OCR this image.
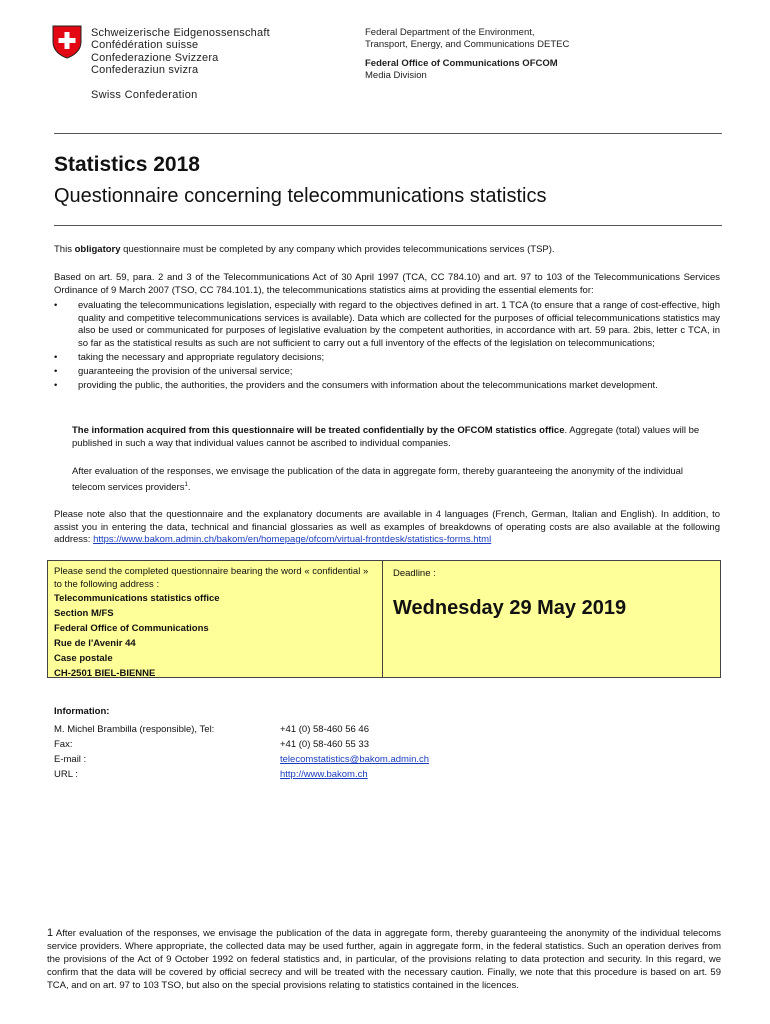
Schweizerische Eidgenossenschaft
Confédération suisse
Confederazione Svizzera
Confederaziun svizra
Swiss Confederation
Federal Department of the Environment,
Transport, Energy, and Communications DETEC
Federal Office of Communications OFCOM
Media Division
Statistics 2018
Questionnaire concerning telecommunications statistics
This obligatory questionnaire must be completed by any company which provides telecommunications services (TSP).
Based on art. 59, para. 2 and 3 of the Telecommunications Act of 30 April 1997 (TCA, CC 784.10) and art. 97 to 103 of the Telecommunications Services Ordinance of 9 March 2007 (TSO, CC 784.101.1), the telecommunications statistics aims at providing the essential elements for:
• evaluating the telecommunications legislation, especially with regard to the objectives defined in art. 1 TCA (to ensure that a range of cost-effective, high quality and competitive telecommunications services is available). Data which are collected for the purposes of official telecommunications statistics may also be used or communicated for purposes of legislative evaluation by the competent authorities, in accordance with art. 59 para. 2bis, letter c TCA, in so far as the statistical results as such are not sufficient to carry out a full inventory of the effects of the legislation on telecommunications;
• taking the necessary and appropriate regulatory decisions;
• guaranteeing the provision of the universal service;
• providing the public, the authorities, the providers and the consumers with information about the telecommunications market development.
The information acquired from this questionnaire will be treated confidentially by the OFCOM statistics office. Aggregate (total) values will be published in such a way that individual values cannot be ascribed to individual companies.
After evaluation of the responses, we envisage the publication of the data in aggregate form, thereby guaranteeing the anonymity of the individual telecom services providers$^1$.
Please note also that the questionnaire and the explanatory documents are available in 4 languages (French, German, Italian and English). In addition, to assist you in entering the data, technical and financial glossaries as well as examples of breakdowns of operating costs are also available at the following address: https://www.bakom.admin.ch/bakom/en/homepage/ofcom/virtual-frontdesk/statistics-forms.html
Please send the completed questionnaire bearing the word « confidential » to the following address :
Telecommunications statistics office
Section M/FS
Federal Office of Communications
Rue de l'Avenir 44
Case postale
CH-2501 BIEL-BIENNE
Deadline :
Wednesday 29 May 2019
Information:
M. Michel Brambilla (responsible), Tel:	+41 (0) 58-460 56 46
Fax:	+41 (0) 58-460 55 33
E-mail :	telecomstatistics@bakom.admin.ch
URL :	http://www.bakom.ch
1 After evaluation of the responses, we envisage the publication of the data in aggregate form, thereby guaranteeing the anonymity of the individual telecoms service providers. Where appropriate, the collected data may be used further, again in aggregate form, in the federal statistics. Such an operation derives from the provisions of the Act of 9 October 1992 on federal statistics and, in particular, of the provisions relating to data protection and security. In this regard, we confirm that the data will be covered by official secrecy and will be treated with the necessary caution. Finally, we note that this procedure is based on art. 59 TCA, and on art. 97 to 103 TSO, but also on the special provisions relating to statistics contained in the licences.
